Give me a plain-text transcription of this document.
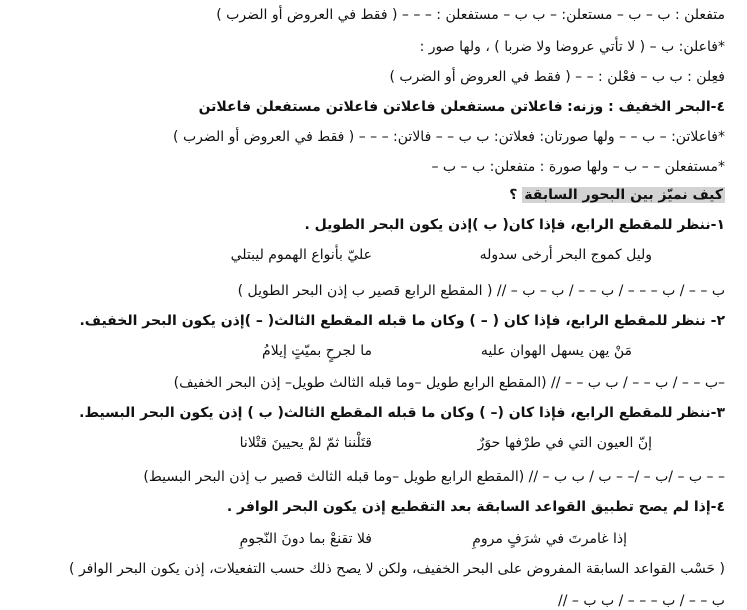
متفعلن : ب – ب – مستعلن: – ب ب – مستفعلن : – – – ( فقط في العروض أو الضرب )
*فاعلن: ب – ( لا تأتي عروضا ولا ضربا ) ، ولها صور :
فعِلن : ب ب – فعْلن : – – ( فقط في العروض أو الضرب )
٤-البحر الخفيف : وزنه: فاعلاتن مستفعلن فاعلاتن فاعلاتن مستفعلن فاعلاتن
*فاعلاتن: – ب – – ولها صورتان: فعلاتن: ب ب – – فالاتن: – – – ( فقط في العروض أو الضرب )
*مستفعلن – – ب – ولها صورة : متفعلن: ب – ب –
كيف نميّز بين البحور السابقة ؟
١-ننظر للمقطع الرابع، فإذا كان( ب )إذن يكون البحر الطويل .
وليل كموج البحر أرخى سدوله
عليّ بأنواع الهموم ليبتلي
ب – – / ب – – – / ب – – / ب – ب – // ( المقطع الرابع قصير ب إذن البحر الطويل )
٢- ننظر للمقطع الرابع، فإذا كان ( – ) وكان ما قبله المقطع الثالث( – )إذن يكون البحر الخفيف.
مَنْ يهن يسهل الهوان عليه
ما لجرحٍ بميّتٍ إيلامُ
–ب – – / ب – – / ب ب – – // (المقطع الرابع طويل –وما قبله الثالث طويل– إذن البحر الخفيف)
٣-ننظر للمقطع الرابع، فإذا كان (– ) وكان ما قبله المقطع الثالث( ب ) إذن يكون البحر البسيط.
إنّ العيون التي في طرْفها حوَرٌ
قتَلْننا ثمّ لمْ يحيينَ قتْلانا
– – ب – /ب – /– – ب / ب ب – // (المقطع الرابع طويل –وما قبله الثالث قصير ب إذن البحر البسيط)
٤-إذا لم يصح تطبيق القواعد السابقة بعد التقطيع إذن يكون البحر الوافر .
إذا غامرتَ في شرَفٍ مرومِ
فلا تقنعْ بما دونَ النّجومِ
( حَسْب القواعد السابقة المفروض على البحر الخفيف، ولكن لا يصح ذلك حسب التفعيلات، إذن يكون البحر الوافر )
ب – – / ب – – – / ب ب – //
